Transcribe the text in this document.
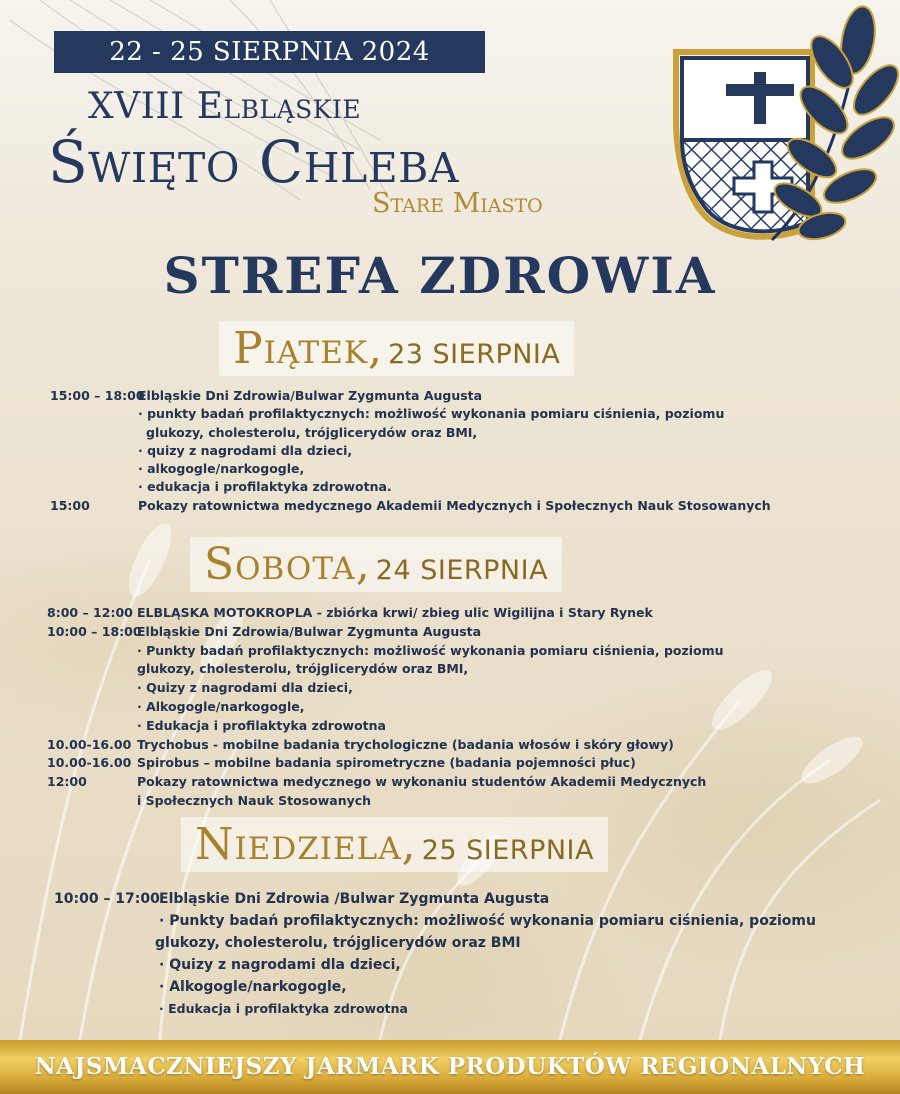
22 - 25 SIERPNIA 2024
XVIII Elbląskie
Święto Chleba
Stare Miasto
STREFA ZDROWIA
Piątek, 23 SIERPNIA
15:00 – 18:00
Elbląskie Dni Zdrowia/Bulwar Zygmunta Augusta
· punkty badań profilaktycznych: możliwość wykonania pomiaru ciśnienia, poziomu
glukozy, cholesterolu, trójglicerydów oraz BMI,
· quizy z nagrodami dla dzieci,
· alkogogle/narkogogle,
· edukacja i profilaktyka zdrowotna.
15:00	Pokazy ratownictwa medycznego Akademii Medycznych i Społecznych Nauk Stosowanych
Sobota, 24 SIERPNIA
8:00 – 12:00 ELBLĄSKA MOTOKROPLA - zbiórka krwi/ zbieg ulic Wigilijna i Stary Rynek
10:00 – 18:00
Elbląskie Dni Zdrowia/Bulwar Zygmunta Augusta
· Punkty badań profilaktycznych: możliwość wykonania pomiaru ciśnienia, poziomu
glukozy, cholesterolu, trójglicerydów oraz BMI,
· Quizy z nagrodami dla dzieci,
· Alkogogle/narkogogle,
· Edukacja i profilaktyka zdrowotna
10.00-16.00 Trychobus - mobilne badania trychologiczne (badania włosów i skóry głowy)
10.00-16.00 Spirobus – mobilne badania spirometryczne (badania pojemności płuc)
12:00	Pokazy ratownictwa medycznego w wykonaniu studentów Akademii Medycznych
i Społecznych Nauk Stosowanych
Niedziela, 25 SIERPNIA
10:00 – 17:00 Elbląskie Dni Zdrowia /Bulwar Zygmunta Augusta
· Punkty badań profilaktycznych: możliwość wykonania pomiaru ciśnienia, poziomu
glukozy, cholesterolu, trójglicerydów oraz BMI
· Quizy z nagrodami dla dzieci,
· Alkogogle/narkogogle,
· Edukacja i profilaktyka zdrowotna
NAJSMACZNIEJSZY JARMARK PRODUKTÓW REGIONALNYCH
